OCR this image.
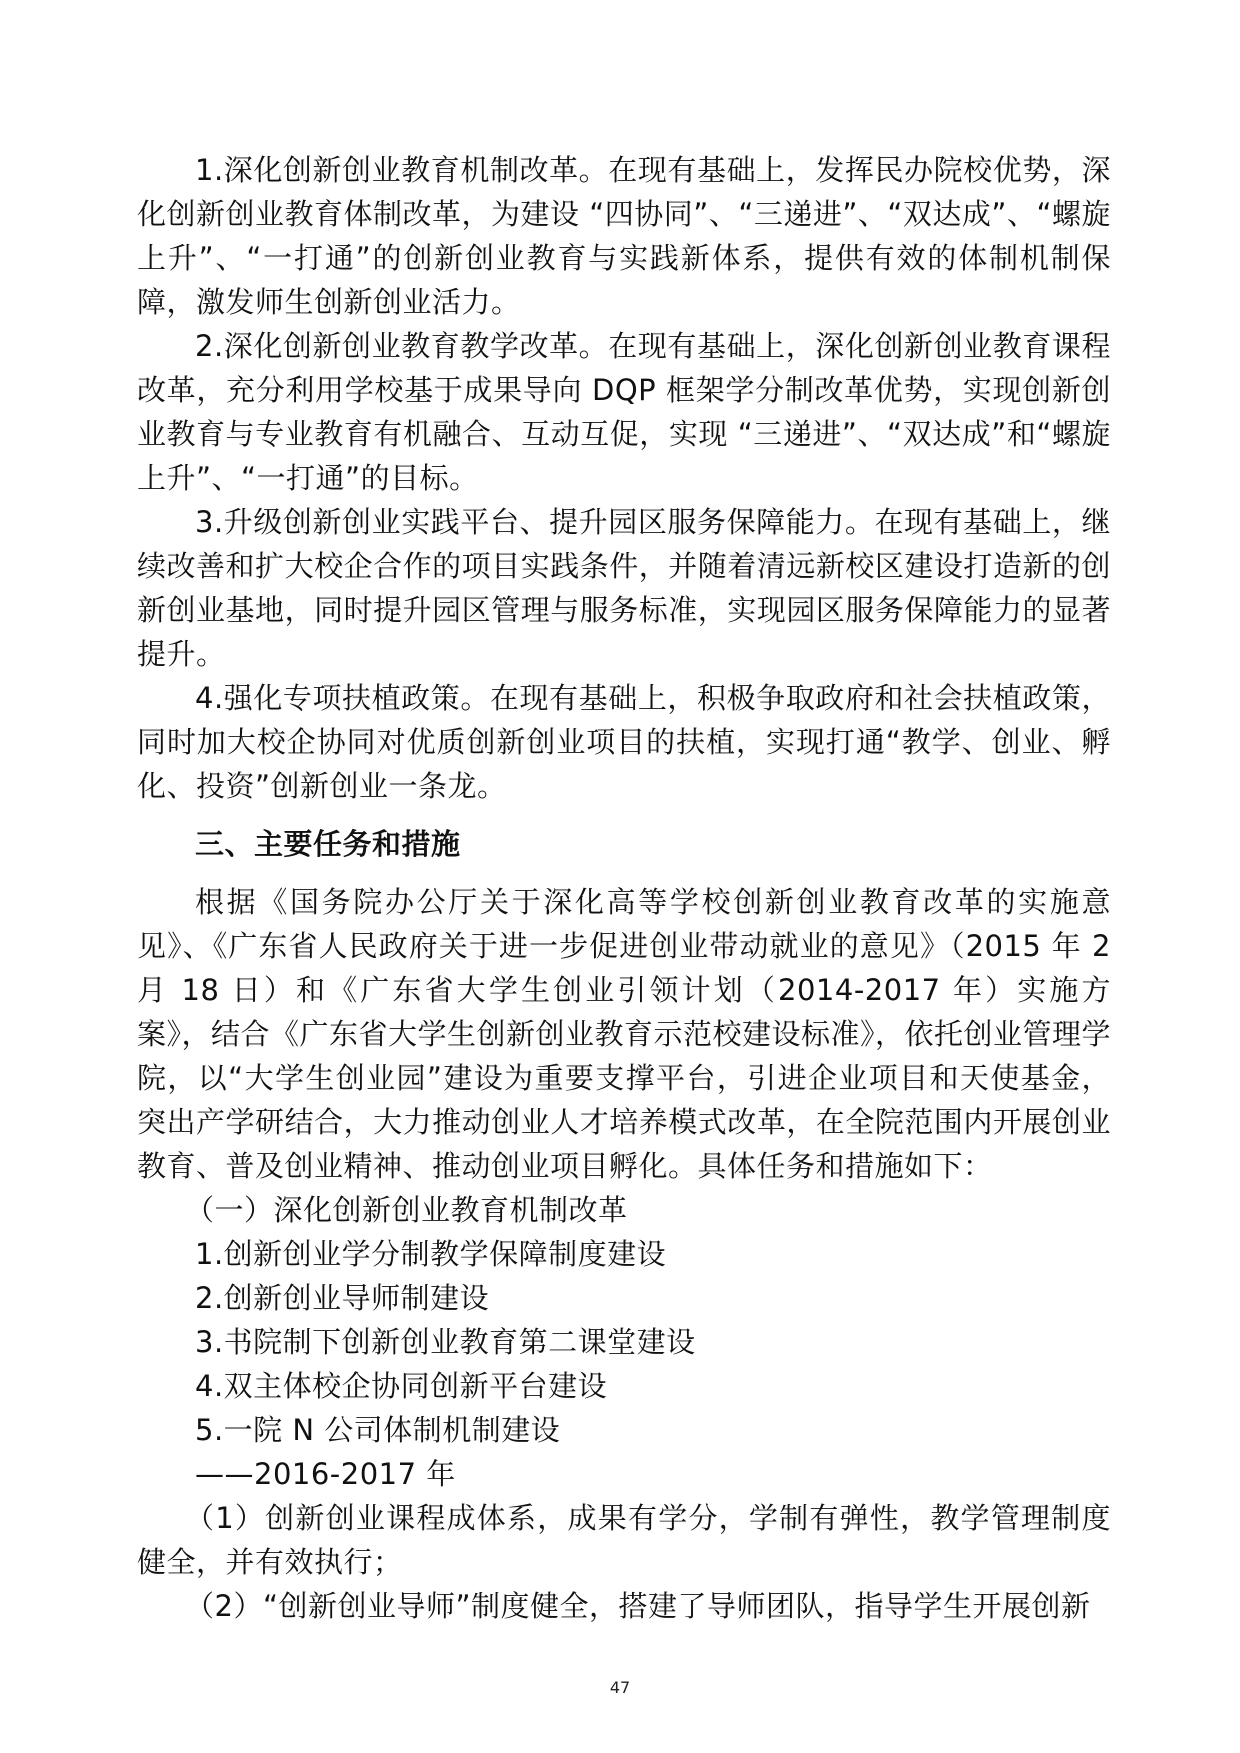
1.深化创新创业教育机制改革。在现有基础上，发挥民办院校优势，深化创新创业教育体制改革，为建设 “四协同”、“三递进”、“双达成”、“螺旋上升”、“一打通”的创新创业教育与实践新体系，提供有效的体制机制保障，激发师生创新创业活力。

2.深化创新创业教育教学改革。在现有基础上，深化创新创业教育课程改革，充分利用学校基于成果导向 DQP 框架学分制改革优势，实现创新创业教育与专业教育有机融合、互动互促，实现 “三递进”、“双达成”和“螺旋上升”、“一打通”的目标。

3.升级创新创业实践平台、提升园区服务保障能力。在现有基础上，继续改善和扩大校企合作的项目实践条件，并随着清远新校区建设打造新的创新创业基地，同时提升园区管理与服务标准，实现园区服务保障能力的显著提升。

4.强化专项扶植政策。在现有基础上，积极争取政府和社会扶植政策，同时加大校企协同对优质创新创业项目的扶植，实现打通“教学、创业、孵化、投资”创新创业一条龙。

三、主要任务和措施

根据《国务院办公厅关于深化高等学校创新创业教育改革的实施意见》、《广东省人民政府关于进一步促进创业带动就业的意见》（2015 年 2 月 18 日）和《广东省大学生创业引领计划（2014-2017 年）实施方案》，结合《广东省大学生创新创业教育示范校建设标准》，依托创业管理学院，以“大学生创业园”建设为重要支撑平台，引进企业项目和天使基金，突出产学研结合，大力推动创业人才培养模式改革，在全院范围内开展创业教育、普及创业精神、推动创业项目孵化。具体任务和措施如下：

（一）深化创新创业教育机制改革
1.创新创业学分制教学保障制度建设
2.创新创业导师制建设
3.书院制下创新创业教育第二课堂建设
4.双主体校企协同创新平台建设
5.一院 N 公司体制机制建设
——2016-2017 年

（1）创新创业课程成体系，成果有学分，学制有弹性，教学管理制度健全，并有效执行；

（2）“创新创业导师”制度健全，搭建了导师团队，指导学生开展创新

47
